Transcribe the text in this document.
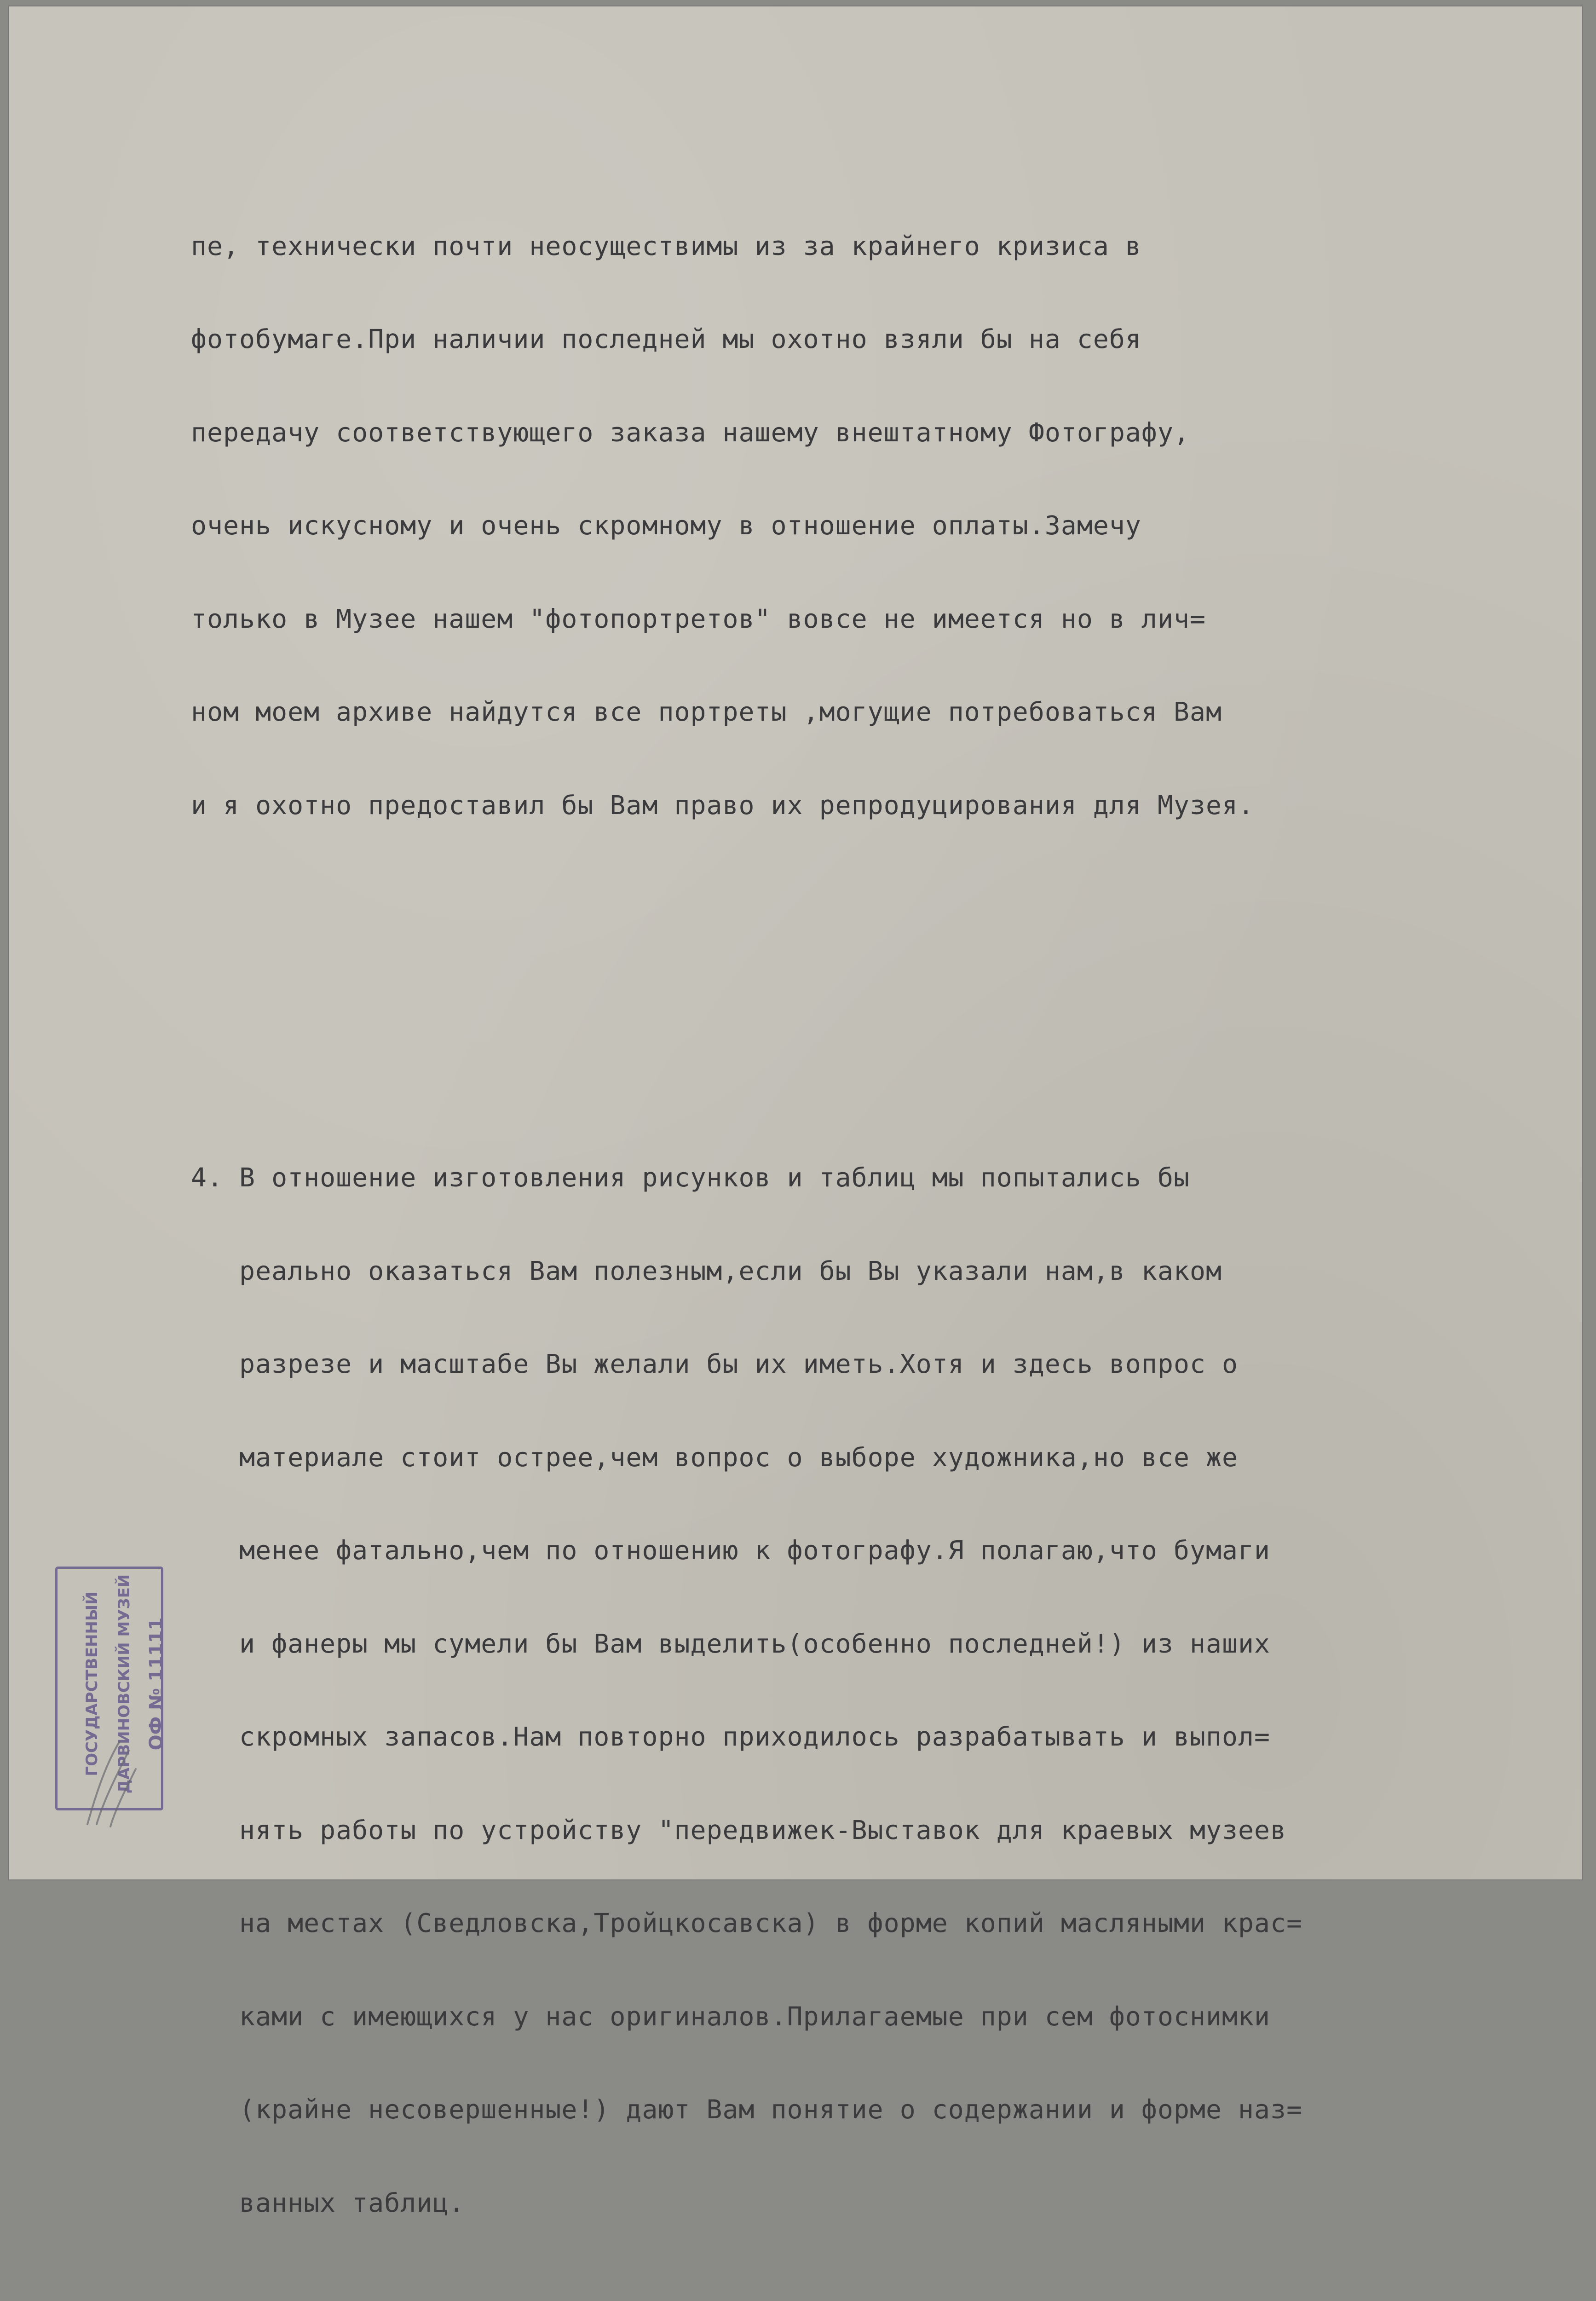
пе, технически почти неосуществимы из за крайнего кризиса в

фотобумаге.При наличии последней мы охотно взяли бы на себя

передачу соответствующего заказа нашему внештатному Фотографу,

очень искусному и очень скромному в отношение оплаты.Замечу

только в Музее нашем "фотопортретов" вовсе не имеется но в лич=

ном моем архиве найдутся все портреты ,могущие потребоваться Вам

и я охотно предоставил бы Вам право их репродуцирования для Музея.

4. В отношение изготовления рисунков и таблиц мы попытались бы

реально оказаться Вам полезным,если бы Вы указали нам,в каком

разрезе и масштабе Вы желали бы их иметь.Хотя и здесь вопрос о

материале стоит острее,чем вопрос о выборе художника,но все же

менее фатально,чем по отношению к фотографу.Я полагаю,что бумаги

и фанеры мы сумели бы Вам выделить(особенно последней!) из наших

скромных запасов.Нам повторно приходилось разрабатывать и выпол=

нять работы по устройству "передвижек-Выставок для краевых музеев

на местах (Сведловска,Тройцкосавска) в форме копий масляными крас=

ками с имеющихся у нас оригиналов.Прилагаемые при сем фотоснимки

(крайне несовершенные!) дают Вам понятие о содержании и форме наз=

ванных таблиц.

ГОСУДАРСТВЕННЫЙ ДАРВИНОВСКИЙ МУЗЕЙ ОФ № 11111
